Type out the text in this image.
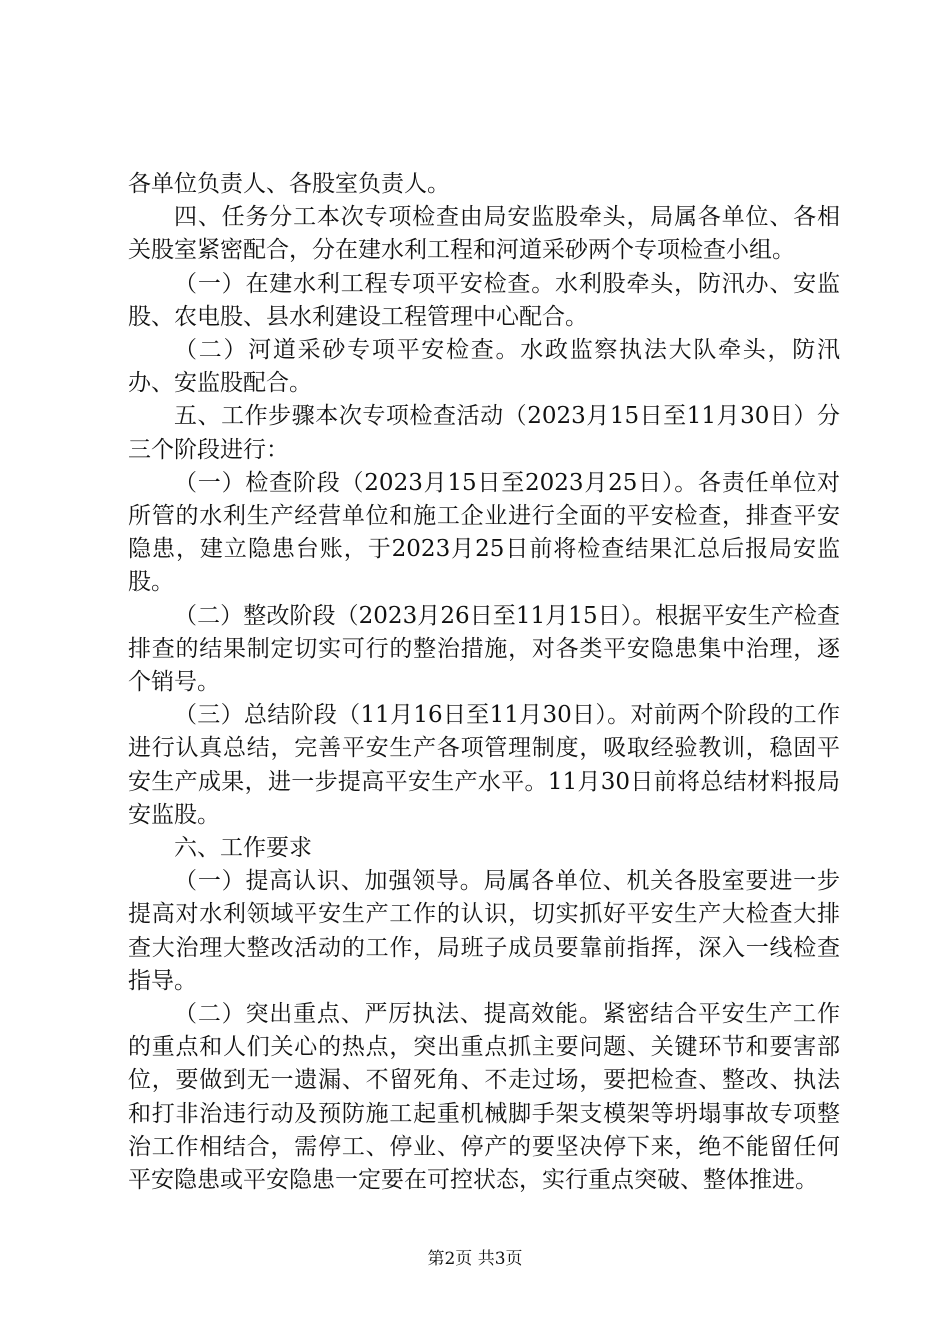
各单位负责人、各股室负责人。

四、任务分工本次专项检查由局安监股牵头，局属各单位、各相关股室紧密配合，分在建水利工程和河道采砂两个专项检查小组。

（一）在建水利工程专项平安检查。水利股牵头，防汛办、安监股、农电股、县水利建设工程管理中心配合。

（二）河道采砂专项平安检查。水政监察执法大队牵头，防汛办、安监股配合。

五、工作步骤本次专项检查活动（2023月15日至11月30日）分三个阶段进行：

（一）检查阶段（2023月15日至2023月25日）。各责任单位对所管的水利生产经营单位和施工企业进行全面的平安检查，排查平安隐患，建立隐患台账，于2023月25日前将检查结果汇总后报局安监股。

（二）整改阶段（2023月26日至11月15日）。根据平安生产检查排查的结果制定切实可行的整治措施，对各类平安隐患集中治理，逐个销号。

（三）总结阶段（11月16日至11月30日）。对前两个阶段的工作进行认真总结，完善平安生产各项管理制度，吸取经验教训，稳固平安生产成果，进一步提高平安生产水平。11月30日前将总结材料报局安监股。

六、工作要求

（一）提高认识、加强领导。局属各单位、机关各股室要进一步提高对水利领域平安生产工作的认识，切实抓好平安生产大检查大排查大治理大整改活动的工作，局班子成员要靠前指挥，深入一线检查指导。

（二）突出重点、严厉执法、提高效能。紧密结合平安生产工作的重点和人们关心的热点，突出重点抓主要问题、关键环节和要害部位，要做到无一遗漏、不留死角、不走过场，要把检查、整改、执法和打非治违行动及预防施工起重机械脚手架支模架等坍塌事故专项整治工作相结合，需停工、停业、停产的要坚决停下来，绝不能留任何平安隐患或平安隐患一定要在可控状态，实行重点突破、整体推进。

第2页 共3页
